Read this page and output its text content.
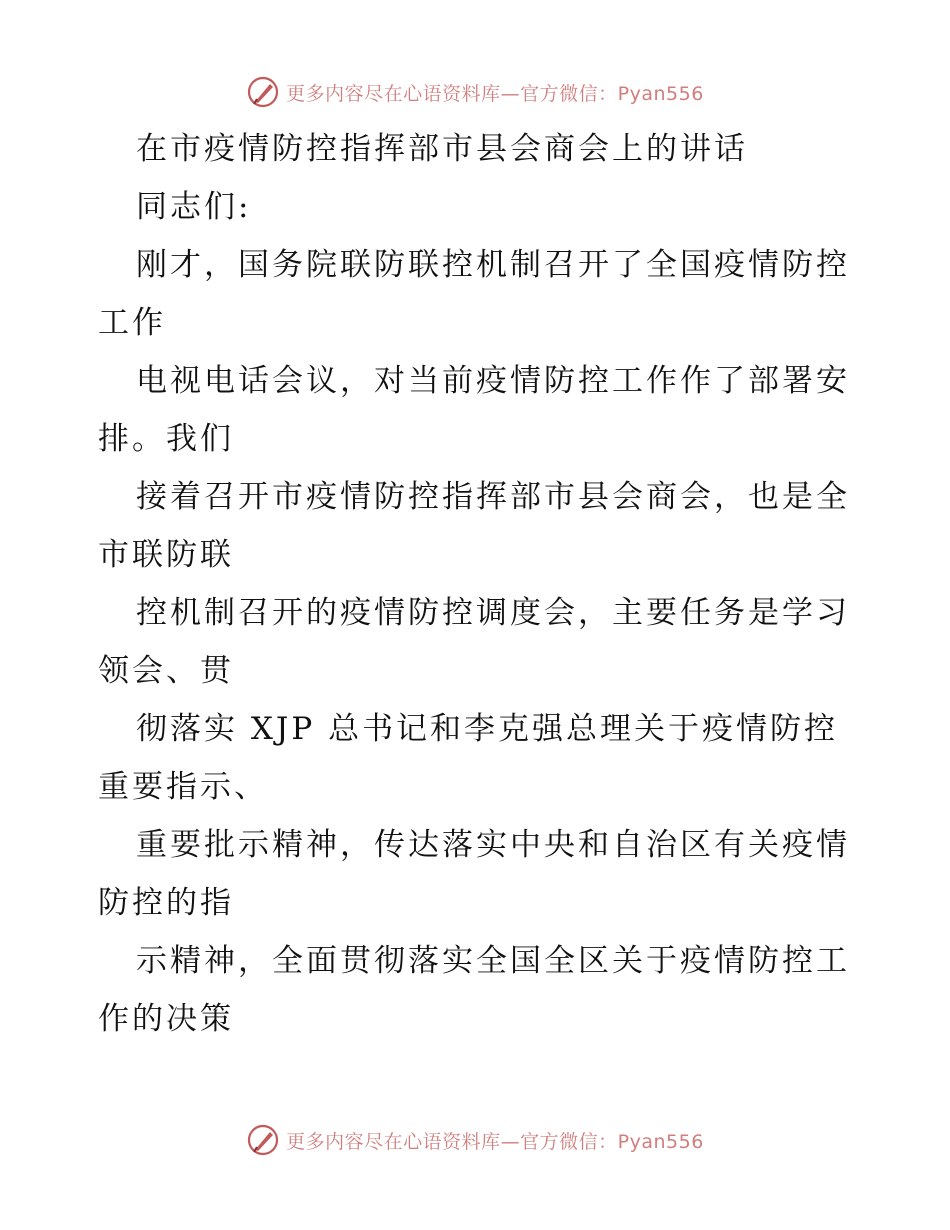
更多内容尽在心语资料库—官方微信：Pyan556
在市疫情防控指挥部市县会商会上的讲话
同志们:
刚才，国务院联防联控机制召开了全国疫情防控
工作
电视电话会议，对当前疫情防控工作作了部署安
排。我们
接着召开市疫情防控指挥部市县会商会，也是全
市联防联
控机制召开的疫情防控调度会，主要任务是学习
领会、贯
彻落实 XJP 总书记和李克强总理关于疫情防控
重要指示、
重要批示精神，传达落实中央和自治区有关疫情
防控的指
示精神，全面贯彻落实全国全区关于疫情防控工
作的决策
更多内容尽在心语资料库—官方微信：Pyan556
